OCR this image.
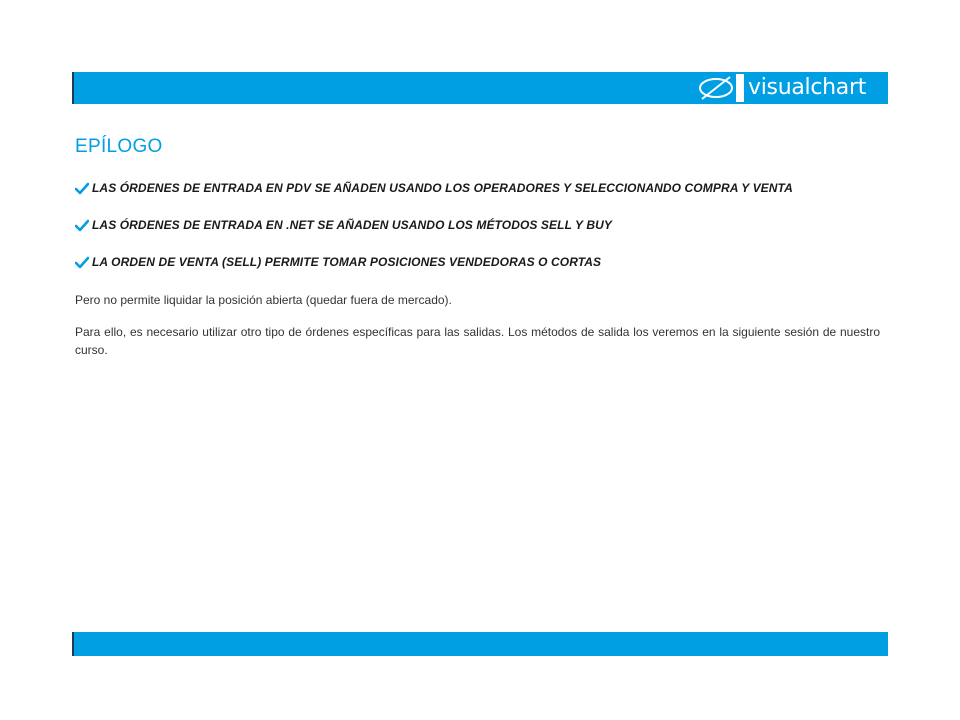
visualchart
EPÍLOGO
LAS ÓRDENES DE ENTRADA EN PDV SE AÑADEN USANDO LOS OPERADORES Y SELECCIONANDO COMPRA Y VENTA
LAS ÓRDENES DE ENTRADA EN .NET SE AÑADEN USANDO LOS MÉTODOS SELL Y BUY
LA ORDEN DE VENTA (SELL) PERMITE TOMAR POSICIONES VENDEDORAS O CORTAS

Pero no permite liquidar la posición abierta (quedar fuera de mercado).

Para ello, es necesario utilizar otro tipo de órdenes específicas para las salidas. Los métodos de salida los veremos en la siguiente sesión de nuestro curso.
